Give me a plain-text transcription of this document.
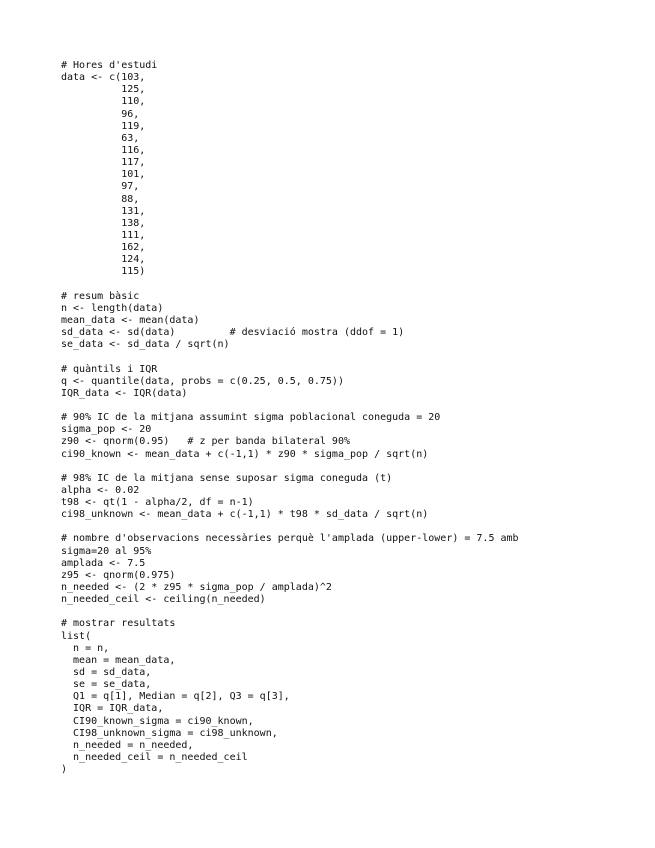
# Hores d'estudi
data <- c(103,
125,
110,
96,
119,
63,
116,
117,
101,
97,
88,
131,
138,
111,
162,
124,
115)
# resum bàsic
n <- length(data)
mean_data <- mean(data)
sd_data <- sd(data)         # desviació mostra (ddof = 1)
se_data <- sd_data / sqrt(n)
# quàntils i IQR
q <- quantile(data, probs = c(0.25, 0.5, 0.75))
IQR_data <- IQR(data)
# 90% IC de la mitjana assumint sigma poblacional coneguda = 20
sigma_pop <- 20
z90 <- qnorm(0.95)   # z per banda bilateral 90%
ci90_known <- mean_data + c(-1,1) * z90 * sigma_pop / sqrt(n)
# 98% IC de la mitjana sense suposar sigma coneguda (t)
alpha <- 0.02
t98 <- qt(1 - alpha/2, df = n-1)
ci98_unknown <- mean_data + c(-1,1) * t98 * sd_data / sqrt(n)
# nombre d'observacions necessàries perquè l'amplada (upper-lower) = 7.5 amb
sigma=20 al 95%
amplada <- 7.5
z95 <- qnorm(0.975)
n_needed <- (2 * z95 * sigma_pop / amplada)^2
n_needed_ceil <- ceiling(n_needed)
# mostrar resultats
list(
n = n,
mean = mean_data,
sd = sd_data,
se = se_data,
Q1 = q[1], Median = q[2], Q3 = q[3],
IQR = IQR_data,
CI90_known_sigma = ci90_known,
CI98_unknown_sigma = ci98_unknown,
n_needed = n_needed,
n_needed_ceil = n_needed_ceil
)
